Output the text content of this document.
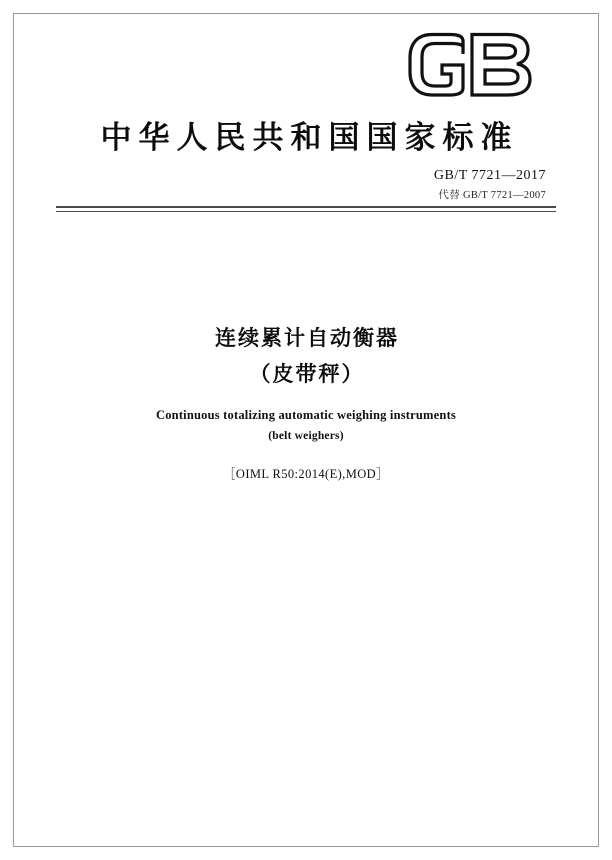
中华人民共和国国家标准
GB/T 7721—2017
代替 GB/T 7721—2007
连续累计自动衡器
（皮带秤）
Continuous totalizing automatic weighing instruments
(belt weighers)
［OIML R50:2014(E),MOD］
